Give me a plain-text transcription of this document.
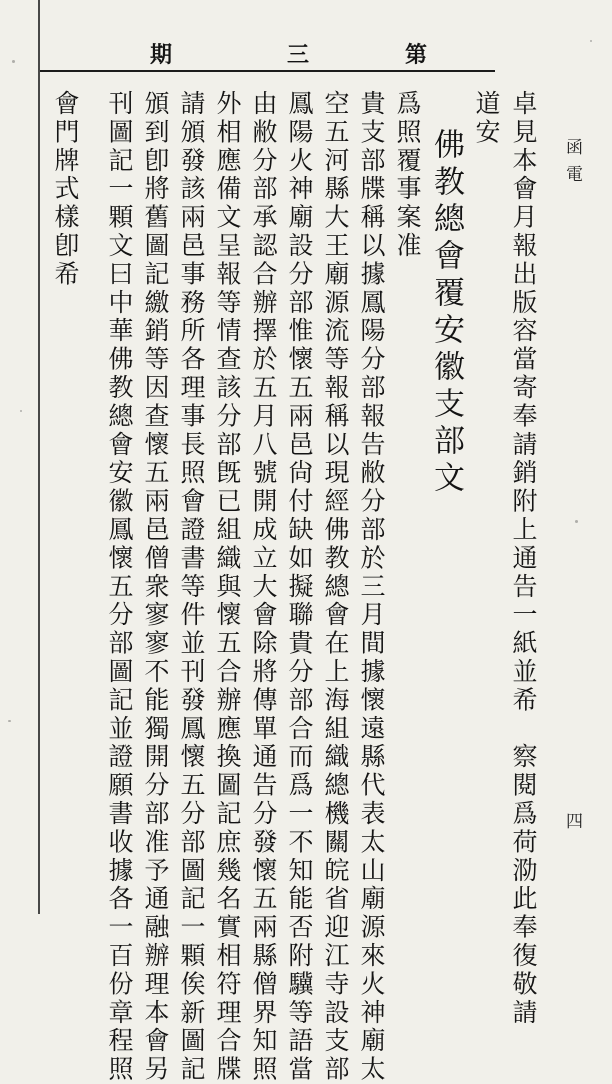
期	三	第
函電
四
卓見本會月報出版容當寄奉請銷附上通告一紙並希　察閱爲荷泐此奉復敬請
道安
佛教總會覆安徽支部文
爲照覆事案准
貴支部牒稱以據鳳陽分部報告敝分部於三月間據懷遠縣代表太山廟源來火神廟太
空五河縣大王廟源流等報稱以現經佛教總會在上海組織總機關皖省迎江寺設支部
鳳陽火神廟設分部惟懷五兩邑尙付缺如擬聯貴分部合而爲一不知能否附驥等語當
由敝分部承認合辦擇於五月八號開成立大會除將傳單通告分發懷五兩縣僧界知照
外相應備文呈報等情查該分部旣已組織與懷五合辦應換圖記庶幾名實相符理合牒
請頒發該兩邑事務所各理事長照會證書等件並刊發鳳懷五分部圖記一顆俟新圖記
頒到卽將舊圖記繳銷等因查懷五兩邑僧衆寥寥不能獨開分部准予通融辦理本會另
刊圖記一顆文曰中華佛教總會安徽鳳懷五分部圖記並證願書收據各一百份章程照
會門牌式樣卽希
